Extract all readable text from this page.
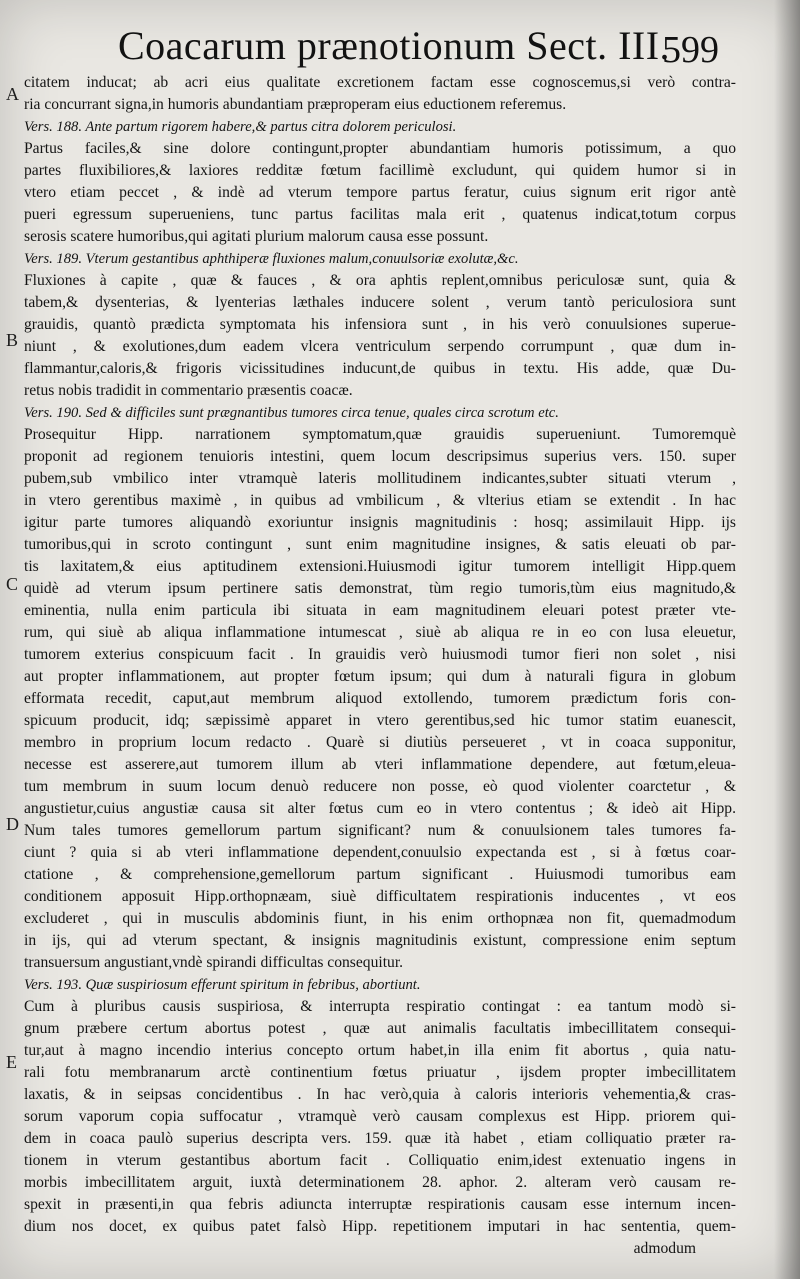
Coacarum prænotionum Sect. III.
599
A
B
C
D
E
citatem inducat; ab acri eius qualitate excretionem factam esse cognoscemus,si verò contra-
ria concurrant signa,in humoris abundantiam præproperam eius eductionem referemus.
Vers. 188. Ante partum rigorem habere,& partus citra dolorem periculosi.
Partus faciles,& sine dolore contingunt,propter abundantiam humoris potissimum, a quo
partes fluxibiliores,& laxiores redditæ fœtum facillimè excludunt, qui quidem humor si in
vtero etiam peccet , & indè ad vterum tempore partus feratur, cuius signum erit rigor antè
pueri egressum superueniens, tunc partus facilitas mala erit , quatenus indicat,totum corpus
serosis scatere humoribus,qui agitati plurium malorum causa esse possunt.
Vers. 189. Vterum gestantibus aphthiperæ fluxiones malum,conuulsoriæ exolutæ,&c.
Fluxiones à capite , quæ & fauces , & ora aphtis replent,omnibus periculosæ sunt, quia &
tabem,& dysenterias, & lyenterias læthales inducere solent , verum tantò periculosiora sunt
grauidis, quantò prædicta symptomata his infensiora sunt , in his verò conuulsiones superue-
niunt , & exolutiones,dum eadem vlcera ventriculum serpendo corrumpunt , quæ dum in-
flammantur,caloris,& frigoris vicissitudines inducunt,de quibus in textu. His adde, quæ Du-
retus nobis tradidit in commentario præsentis coacæ.
Vers. 190. Sed & difficiles sunt prægnantibus tumores circa tenue, quales circa scrotum etc.
Prosequitur Hipp. narrationem symptomatum,quæ grauidis superueniunt. Tumoremquè
proponit ad regionem tenuioris intestini, quem locum descripsimus superius vers. 150. super
pubem,sub vmbilico inter vtramquè lateris mollitudinem indicantes,subter situati vterum ,
in vtero gerentibus maximè , in quibus ad vmbilicum , & vlterius etiam se extendit . In hac
igitur parte tumores aliquandò exoriuntur insignis magnitudinis : hosq; assimilauit Hipp. ijs
tumoribus,qui in scroto contingunt , sunt enim magnitudine insignes, & satis eleuati ob par-
tis laxitatem,& eius aptitudinem extensioni.Huiusmodi igitur tumorem intelligit Hipp.quem
quidè ad vterum ipsum pertinere satis demonstrat, tùm regio tumoris,tùm eius magnitudo,&
eminentia, nulla enim particula ibi situata in eam magnitudinem eleuari potest præter vte-
rum, qui siuè ab aliqua inflammatione intumescat , siuè ab aliqua re in eo con lusa eleuetur,
tumorem exterius conspicuum facit . In grauidis verò huiusmodi tumor fieri non solet , nisi
aut propter inflammationem, aut propter fœtum ipsum; qui dum à naturali figura in globum
efformata recedit, caput,aut membrum aliquod extollendo, tumorem prædictum foris con-
spicuum producit, idq; sæpissimè apparet in vtero gerentibus,sed hic tumor statim euanescit,
membro in proprium locum redacto . Quarè si diutiùs perseueret , vt in coaca supponitur,
necesse est asserere,aut tumorem illum ab vteri inflammatione dependere, aut fœtum,eleua-
tum membrum in suum locum denuò reducere non posse, eò quod violenter coarctetur , &
angustietur,cuius angustiæ causa sit alter fœtus cum eo in vtero contentus ; & ideò ait Hipp.
Num tales tumores gemellorum partum significant? num & conuulsionem tales tumores fa-
ciunt ? quia si ab vteri inflammatione dependent,conuulsio expectanda est , si à fœtus coar-
ctatione , & comprehensione,gemellorum partum significant . Huiusmodi tumoribus eam
conditionem apposuit Hipp.orthopnæam, siuè difficultatem respirationis inducentes , vt eos
excluderet , qui in musculis abdominis fiunt, in his enim orthopnæa non fit, quemadmodum
in ijs, qui ad vterum spectant, & insignis magnitudinis existunt, compressione enim septum
transuersum angustiant,vndè spirandi difficultas consequitur.
Vers. 193. Quæ suspiriosum efferunt spiritum in febribus, abortiunt.
Cum à pluribus causis suspiriosa, & interrupta respiratio contingat : ea tantum modò si-
gnum præbere certum abortus potest , quæ aut animalis facultatis imbecillitatem consequi-
tur,aut à magno incendio interius concepto ortum habet,in illa enim fit abortus , quia natu-
rali fotu membranarum arctè continentium fœtus priuatur , ijsdem propter imbecillitatem
laxatis, & in seipsas concidentibus . In hac verò,quia à caloris interioris vehementia,& cras-
sorum vaporum copia suffocatur , vtramquè verò causam complexus est Hipp. priorem qui-
dem in coaca paulò superius descripta vers. 159. quæ ità habet , etiam colliquatio præter ra-
tionem in vterum gestantibus abortum facit . Colliquatio enim,idest extenuatio ingens in
morbis imbecillitatem arguit, iuxtà determinationem 28. aphor. 2. alteram verò causam re-
spexit in præsenti,in qua febris adiuncta interruptæ respirationis causam esse internum incen-
dium nos docet, ex quibus patet falsò Hipp. repetitionem imputari in hac sententia, quem-
admodum
